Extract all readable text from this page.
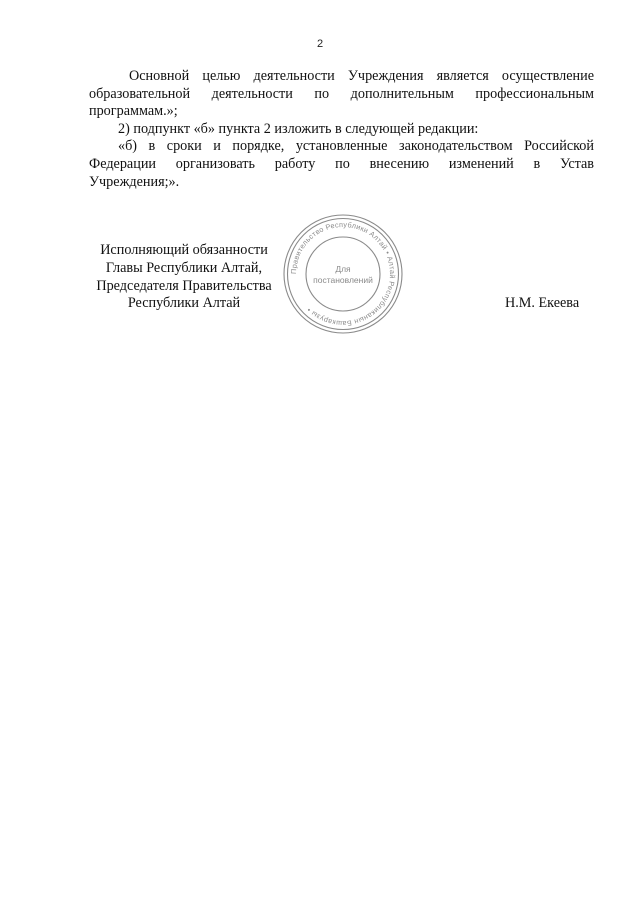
2
Основной целью деятельности Учреждения является осуществление
образовательной деятельности по дополнительным профессиональным
программам.»;
2) подпункт «б» пункта 2 изложить в следующей редакции:
«б) в сроки и порядке, установленные законодательством Российской
Федерации организовать работу по внесению изменений в Устав
Учреждения;».
Исполняющий обязанности
Главы Республики Алтай,
Председателя Правительства
Республики Алтай	Н.М. Екеева
Правительство Республики Алтай • Алтай Республиканын Башкарузы •
Для
постановлений
